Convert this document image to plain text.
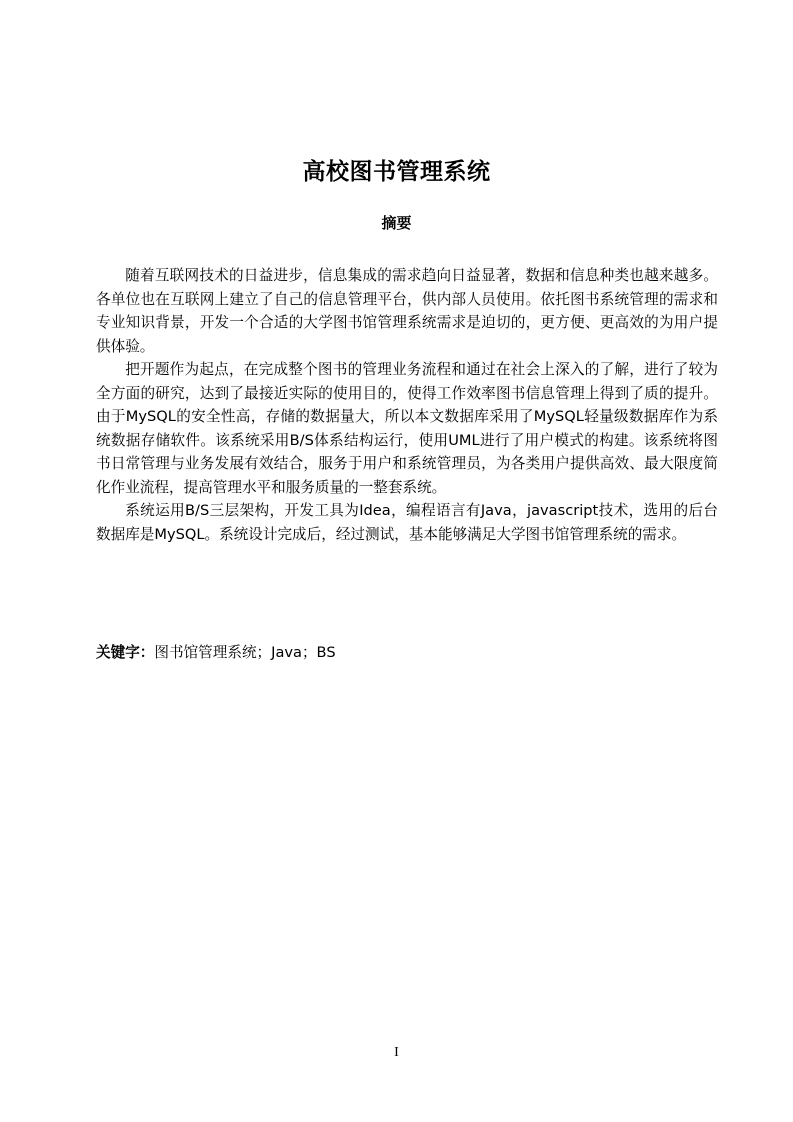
高校图书管理系统
摘要

随着互联网技术的日益进步，信息集成的需求趋向日益显著，数据和信息种类也越来越多。各单位也在互联网上建立了自己的信息管理平台，供内部人员使用。依托图书系统管理的需求和专业知识背景，开发一个合适的大学图书馆管理系统需求是迫切的，更方便、更高效的为用户提供体验。

把开题作为起点，在完成整个图书的管理业务流程和通过在社会上深入的了解，进行了较为全方面的研究，达到了最接近实际的使用目的，使得工作效率图书信息管理上得到了质的提升。由于MySQL的安全性高，存储的数据量大，所以本文数据库采用了MySQL轻量级数据库作为系统数据存储软件。该系统采用B/S体系结构运行，使用UML进行了用户模式的构建。该系统将图书日常管理与业务发展有效结合，服务于用户和系统管理员，为各类用户提供高效、最大限度简化作业流程，提高管理水平和服务质量的一整套系统。

系统运用B/S三层架构，开发工具为Idea，编程语言有Java，javascript技术，选用的后台数据库是MySQL。系统设计完成后，经过测试，基本能够满足大学图书馆管理系统的需求。

关键字：图书馆管理系统；Java；BS
I
